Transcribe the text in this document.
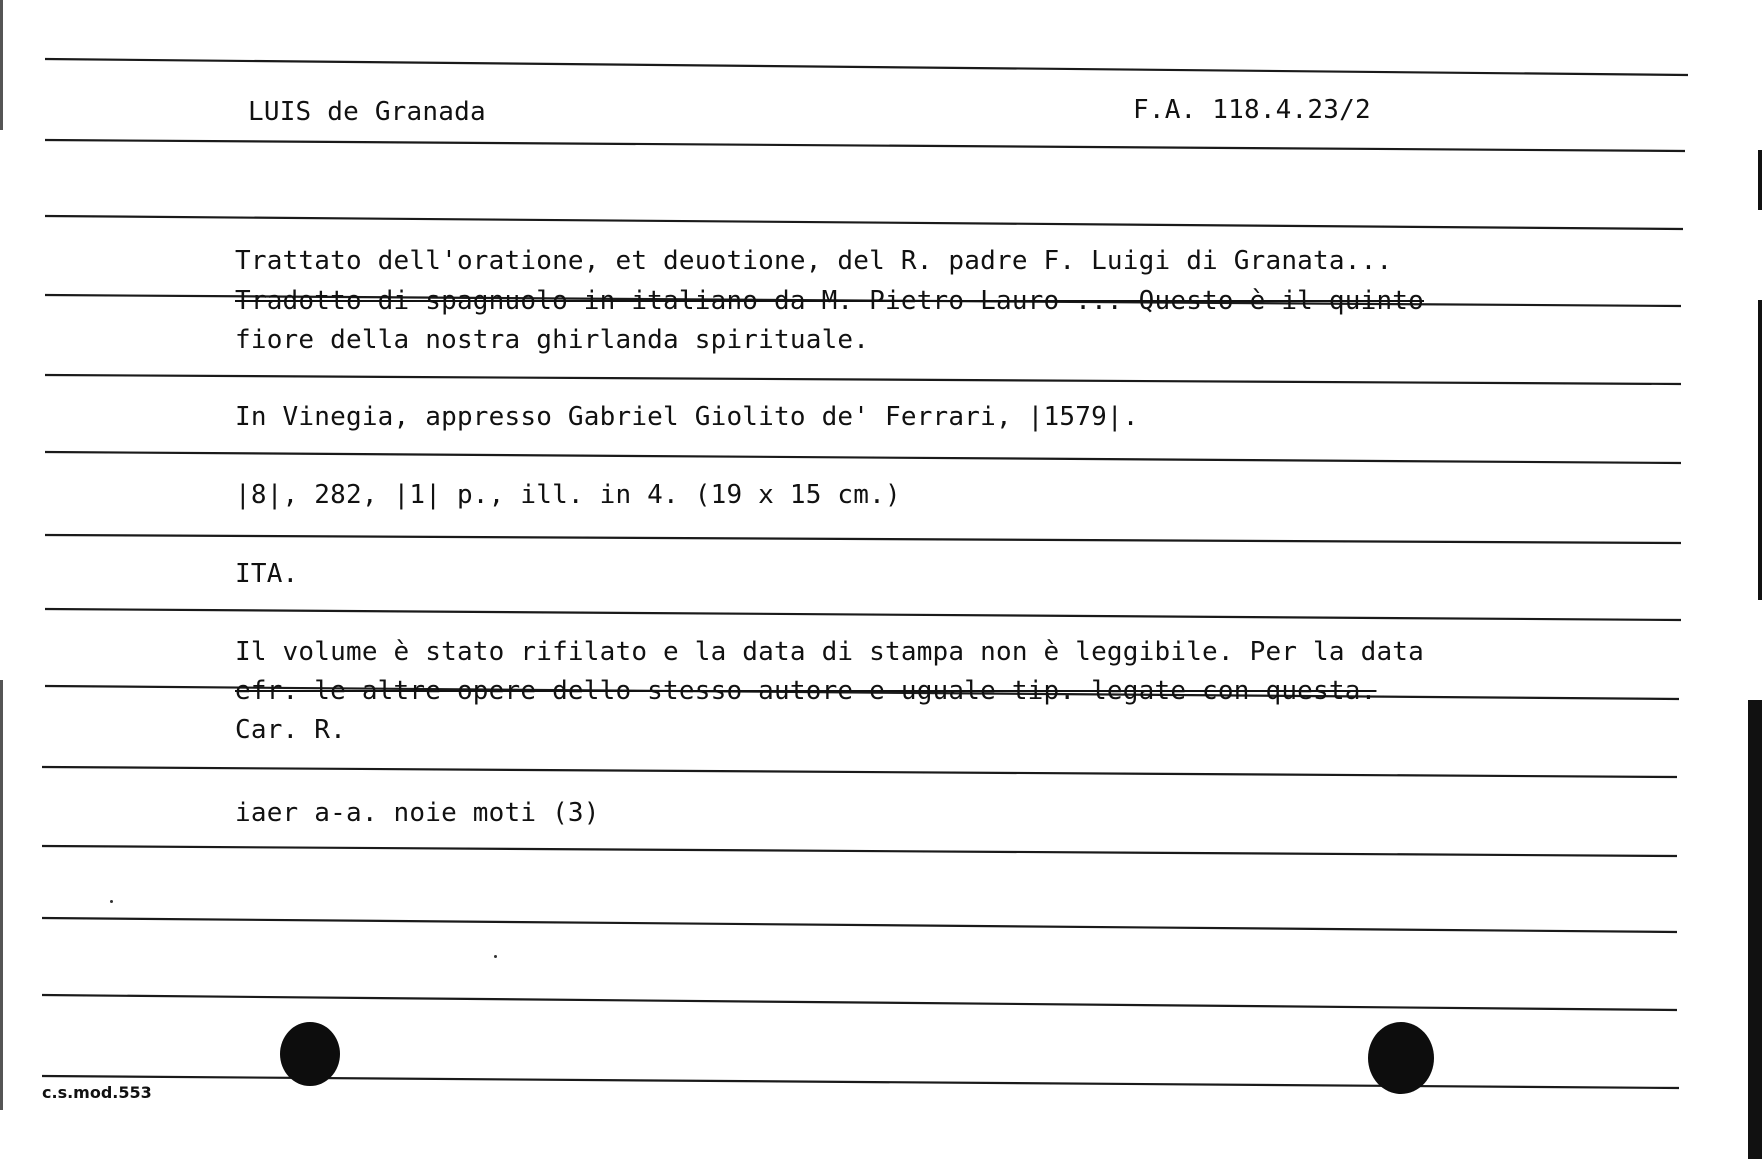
LUIS de Granada	F.A. 118.4.23/2
Trattato dell'oratione, et deuotione, del R. padre F. Luigi di Granata...
Tradotto di spagnuolo in italiano da M. Pietro Lauro ... Questo è il quinto
fiore della nostra ghirlanda spirituale.
In Vinegia, appresso Gabriel Giolito de' Ferrari, |1579|.
|8|, 282, |1| p., ill. in 4. (19 x 15 cm.)
ITA.
Il volume è stato rifilato e la data di stampa non è leggibile. Per la data
efr. le altre opere dello stesso autore e uguale tip. legate con questa.
Car. R.
iaer a-a. noie moti (3)
c.s.mod.553
